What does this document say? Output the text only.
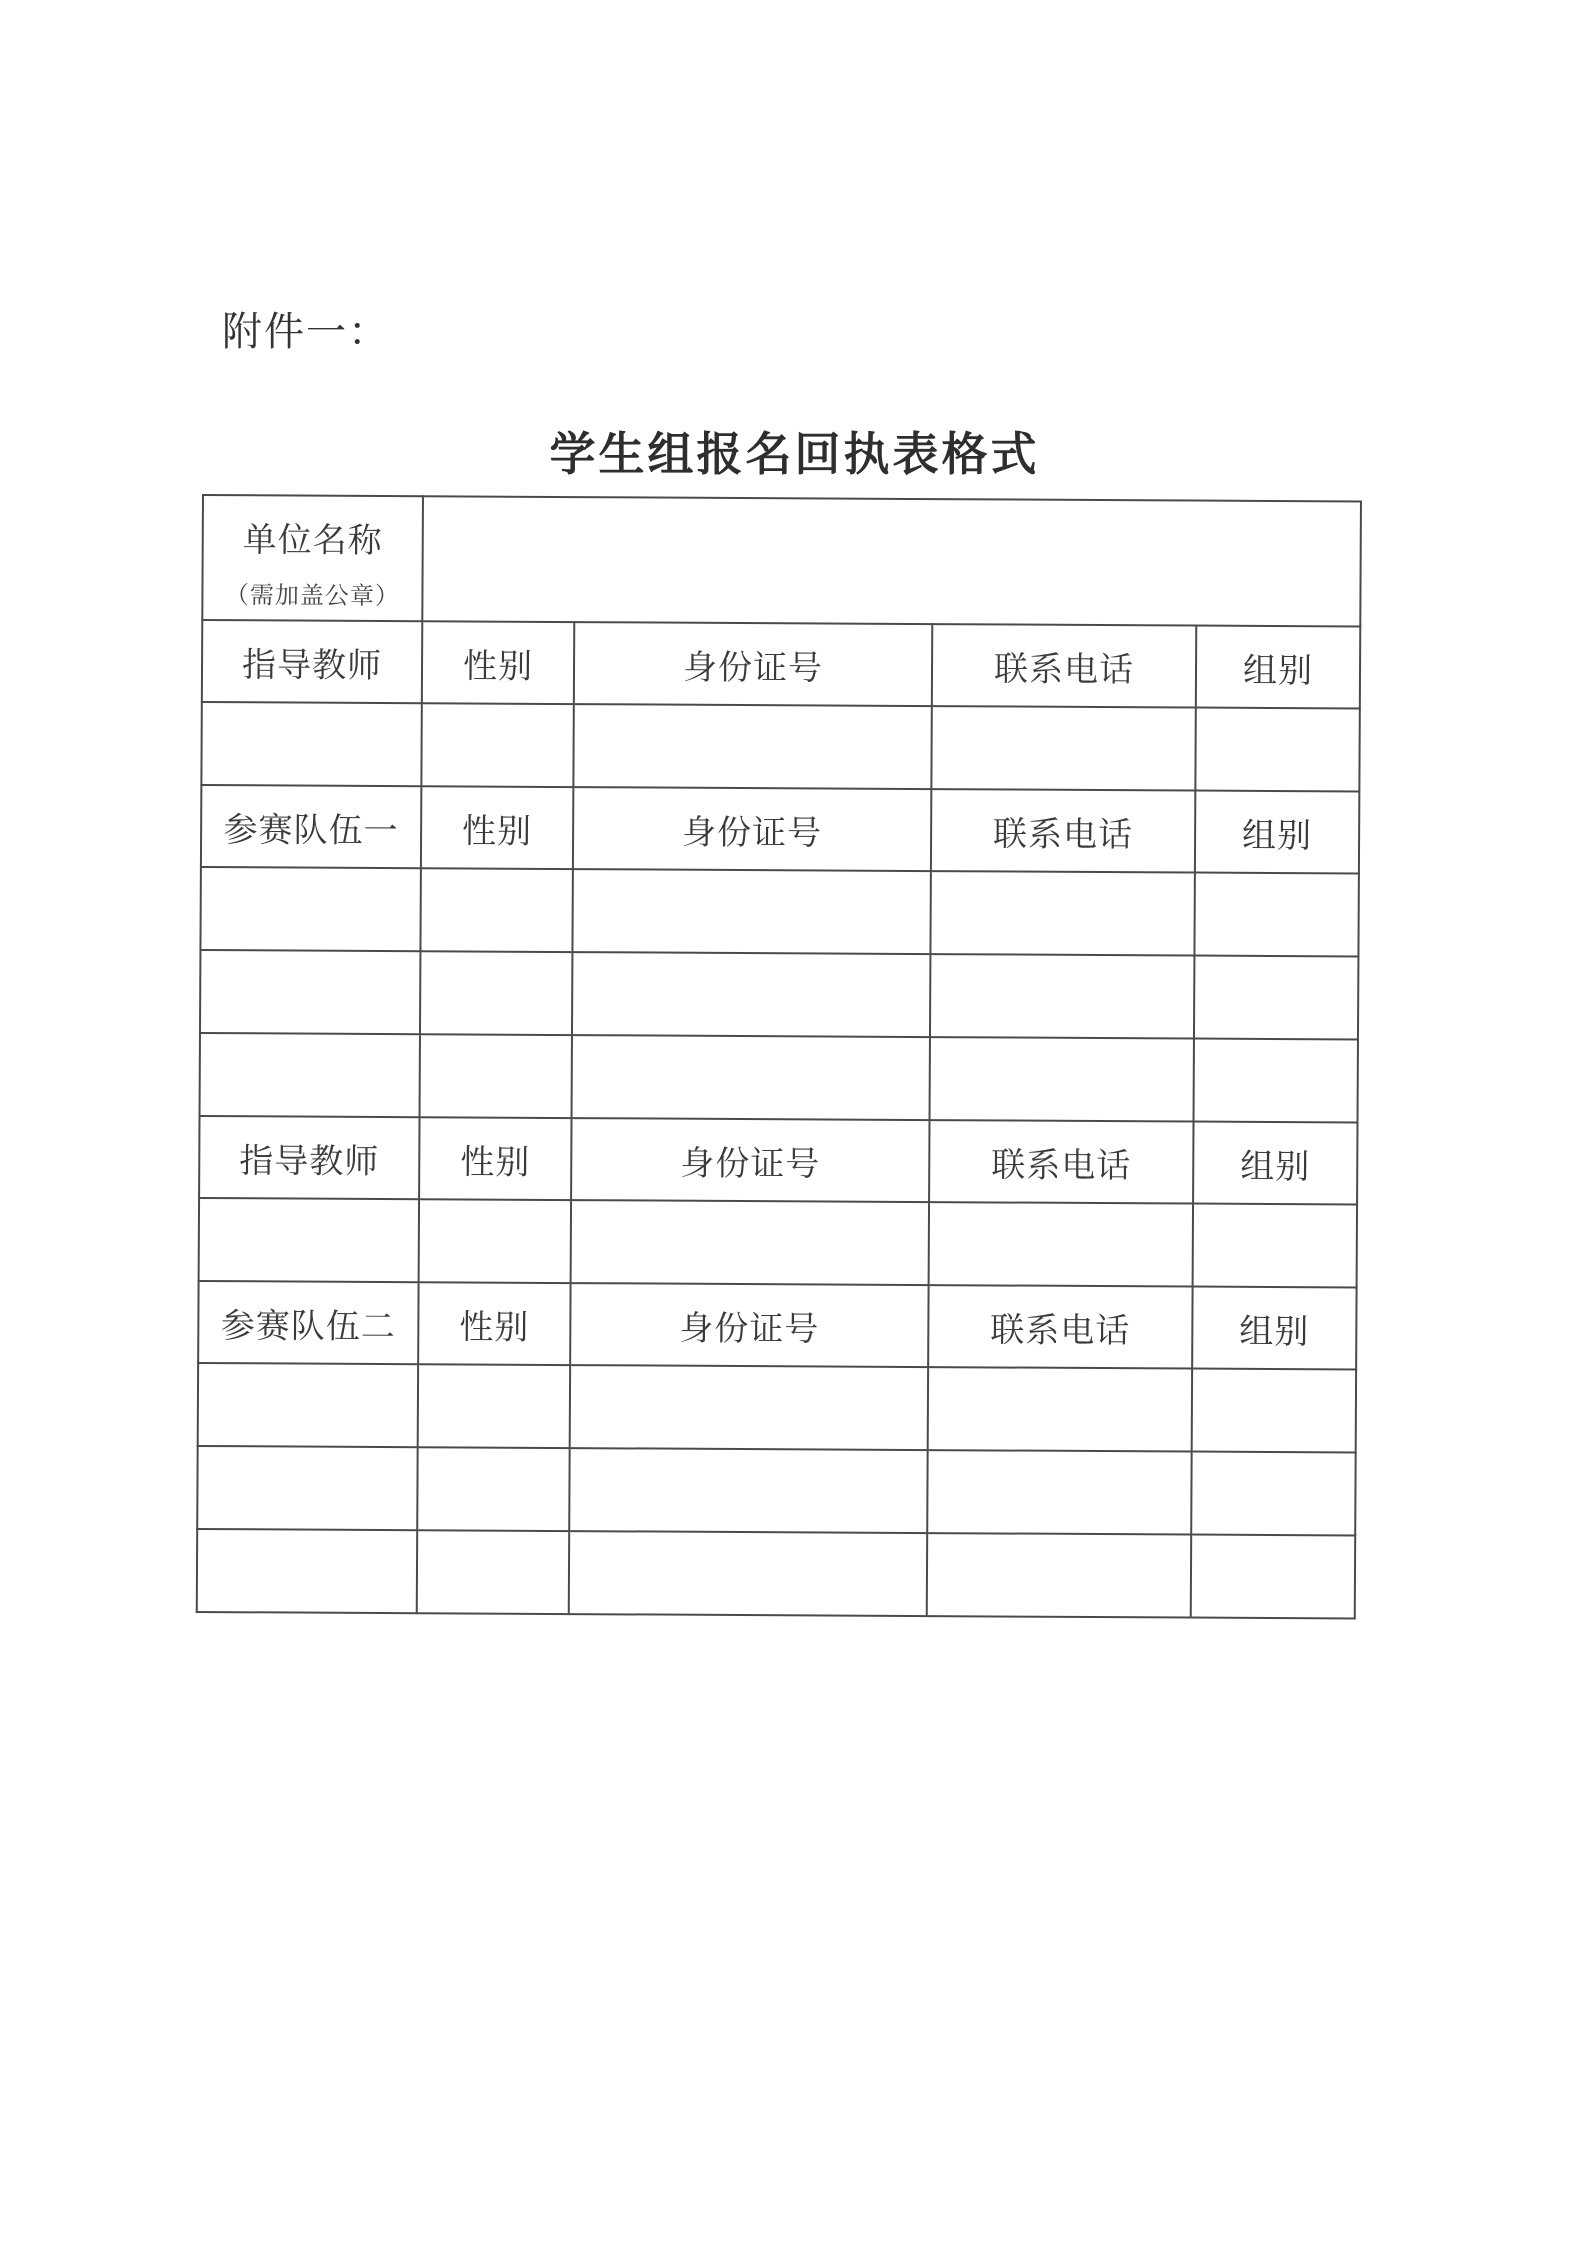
附件一：
学生组报名回执表格式
单位名称
（需加盖公章）				

指导教师	性别	身份证号	联系电话	组别

参赛队伍一	性别	身份证号	联系电话	组别

指导教师	性别	身份证号	联系电话	组别

参赛队伍二	性别	身份证号	联系电话	组别
